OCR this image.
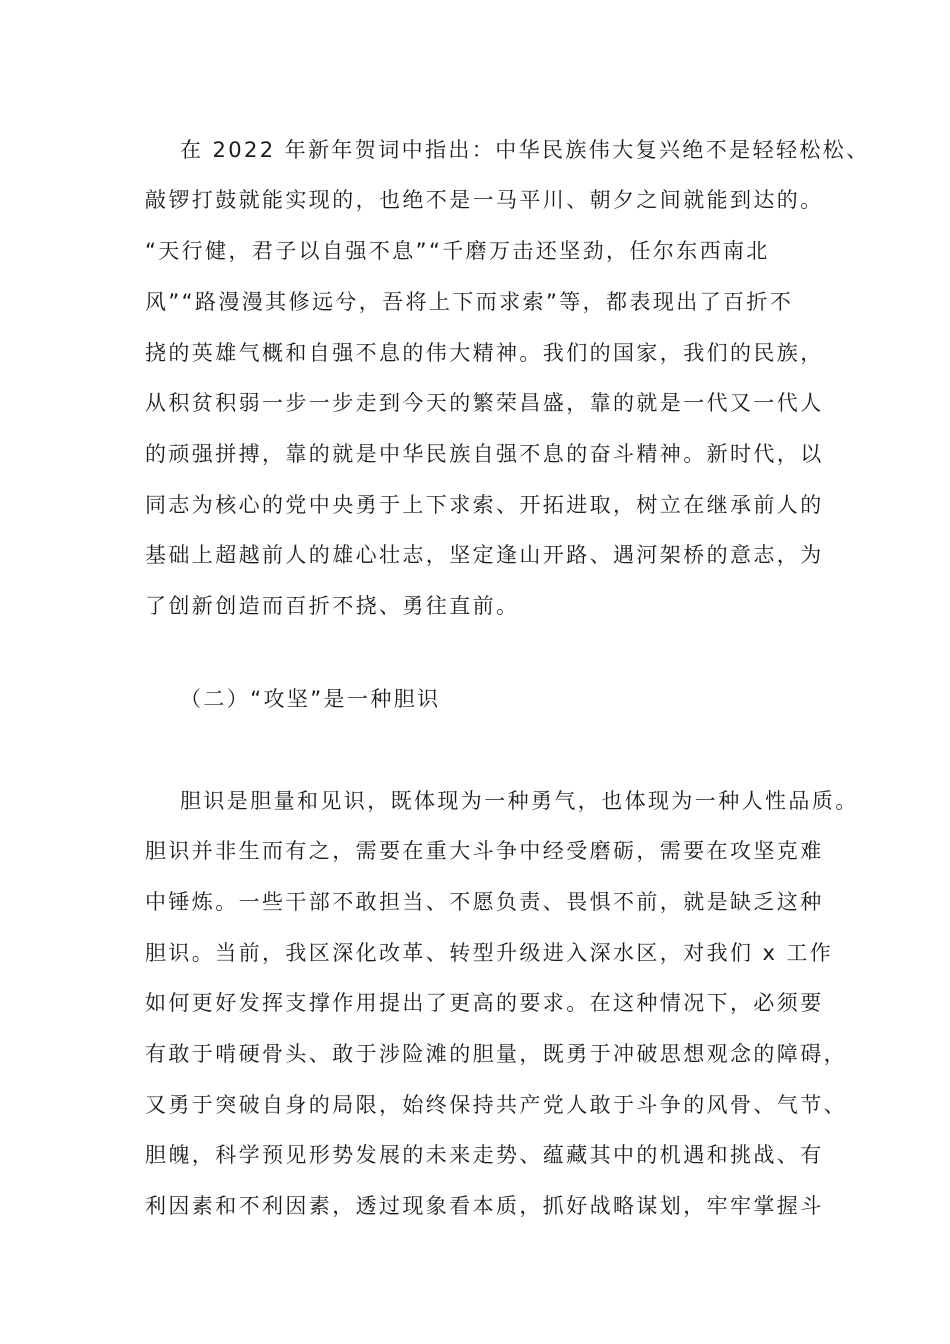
在 2022 年新年贺词中指出：中华民族伟大复兴绝不是轻轻松松、
敲锣打鼓就能实现的，也绝不是一马平川、朝夕之间就能到达的。
“天行健，君子以自强不息”“千磨万击还坚劲，任尔东西南北
风”“路漫漫其修远兮，吾将上下而求索”等，都表现出了百折不
挠的英雄气概和自强不息的伟大精神。我们的国家，我们的民族，
从积贫积弱一步一步走到今天的繁荣昌盛，靠的就是一代又一代人
的顽强拼搏，靠的就是中华民族自强不息的奋斗精神。新时代，以
同志为核心的党中央勇于上下求索、开拓进取，树立在继承前人的
基础上超越前人的雄心壮志，坚定逢山开路、遇河架桥的意志，为
了创新创造而百折不挠、勇往直前。
（二）“攻坚”是一种胆识
胆识是胆量和见识，既体现为一种勇气，也体现为一种人性品质。
胆识并非生而有之，需要在重大斗争中经受磨砺，需要在攻坚克难
中锤炼。一些干部不敢担当、不愿负责、畏惧不前，就是缺乏这种
胆识。当前，我区深化改革、转型升级进入深水区，对我们 x 工作
如何更好发挥支撑作用提出了更高的要求。在这种情况下，必须要
有敢于啃硬骨头、敢于涉险滩的胆量，既勇于冲破思想观念的障碍，
又勇于突破自身的局限，始终保持共产党人敢于斗争的风骨、气节、
胆魄，科学预见形势发展的未来走势、蕴藏其中的机遇和挑战、有
利因素和不利因素，透过现象看本质，抓好战略谋划，牢牢掌握斗
